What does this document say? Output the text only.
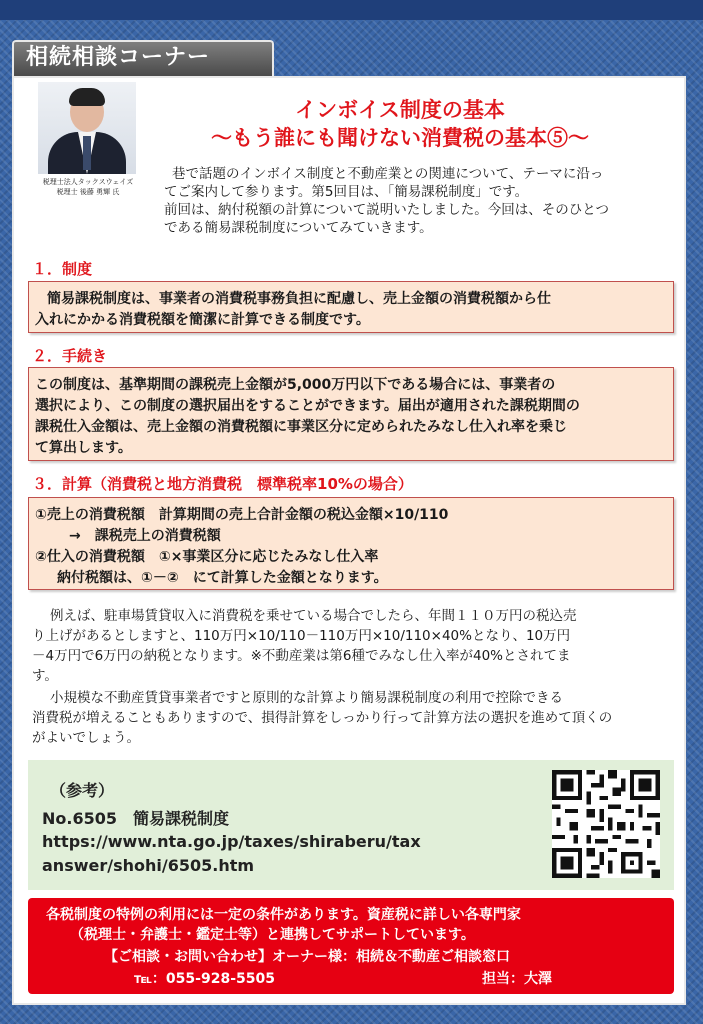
相続相談コーナー
税理士法人タックスウェイズ
税理士 後藤 勇輝 氏
インボイス制度の基本
～もう誰にも聞けない消費税の基本⑤～
巷で話題のインボイス制度と不動産業との関連について、テーマに沿っ
てご案内して参ります。第5回目は、「簡易課税制度」です。
前回は、納付税額の計算について説明いたしました。今回は、そのひとつ
である簡易課税制度についてみていきます。
１．制度
簡易課税制度は、事業者の消費税事務負担に配慮し、売上金額の消費税額から仕
入れにかかる消費税額を簡潔に計算できる制度です。
２．手続き
この制度は、基準期間の課税売上金額が5,000万円以下である場合には、事業者の
選択により、この制度の選択届出をすることができます。届出が適用された課税期間の
課税仕入金額は、売上金額の消費税額に事業区分に定められたみなし仕入れ率を乗じ
て算出します。
３．計算（消費税と地方消費税　標準税率10%の場合）
①売上の消費税額　計算期間の売上合計金額の税込金額×10/110
→　課税売上の消費税額
②仕入の消費税額　①×事業区分に応じたみなし仕入率
納付税額は、①－②　にて計算した金額となります。
例えば、駐車場賃貸収入に消費税を乗せている場合でしたら、年間１１０万円の税込売
り上げがあるとしますと、110万円×10/110－110万円×10/110×40%となり、10万円
－4万円で6万円の納税となります。※不動産業は第6種でみなし仕入率が40%とされてま
す。
小規模な不動産賃貸事業者ですと原則的な計算より簡易課税制度の利用で控除できる
消費税が増えることもありますので、損得計算をしっかり行って計算方法の選択を進めて頂くの
がよいでしょう。
（参考）
No.6505　簡易課税制度
https://www.nta.go.jp/taxes/shiraberu/tax
answer/shohi/6505.htm
各税制度の特例の利用には一定の条件があります。資産税に詳しい各専門家
（税理士・弁護士・鑑定士等）と連携してサポートしています。
【ご相談・お問い合わせ】オーナー様：相続＆不動産ご相談窓口
℡：055-928-5505	担当：大澤
